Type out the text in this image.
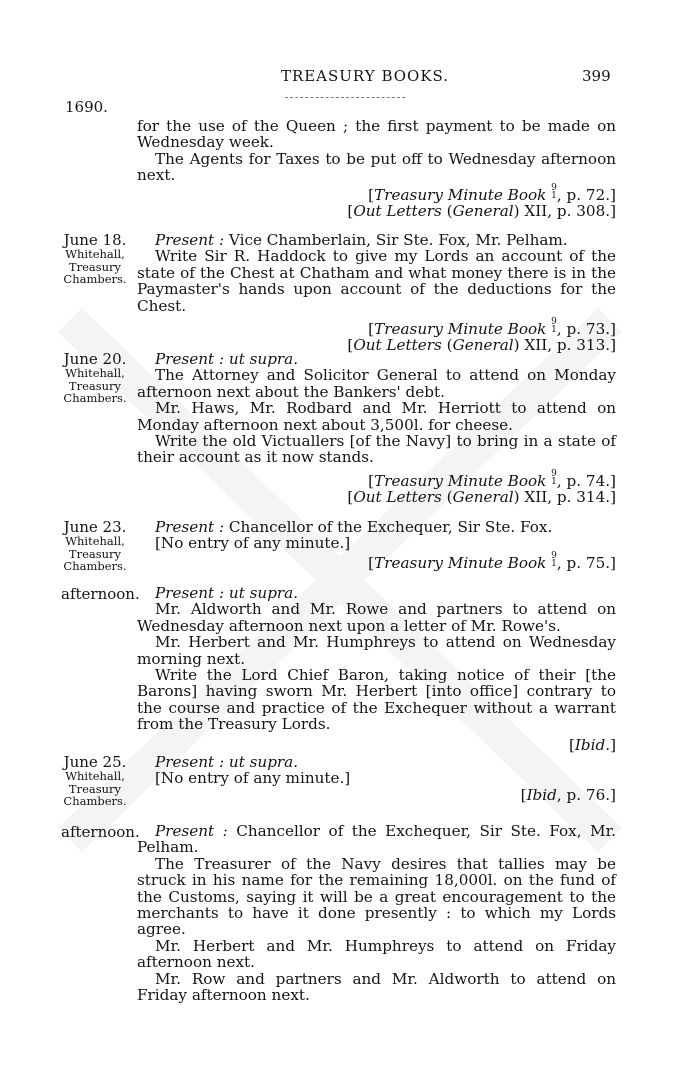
TREASURY BOOKS.	399
1690.

for the use of the Queen ; the first payment to be made on Wednesday week.

The Agents for Taxes to be put off to Wednesday afternoon next.

[Treasury Minute Book 9
1, p. 72.]

[Out Letters (General) XII, p. 308.]

June 18.
Whitehall,
Treasury
Chambers.

Present : Vice Chamberlain, Sir Ste. Fox, Mr. Pelham.

Write Sir R. Haddock to give my Lords an account of the state of the Chest at Chatham and what money there is in the Paymaster's hands upon account of the deductions for the Chest.

[Treasury Minute Book 9
1, p. 73.]

[Out Letters (General) XII, p. 313.]

June 20.
Whitehall,
Treasury
Chambers.

Present : ut supra.

The Attorney and Solicitor General to attend on Monday afternoon next about the Bankers' debt.

Mr. Haws, Mr. Rodbard and Mr. Herriott to attend on Monday afternoon next about 3,500l. for cheese.

Write the old Victuallers [of the Navy] to bring in a state of their account as it now stands.

[Treasury Minute Book 9
1, p. 74.]

[Out Letters (General) XII, p. 314.]

June 23.
Whitehall,
Treasury
Chambers.

Present : Chancellor of the Exchequer, Sir Ste. Fox.

[No entry of any minute.]

[Treasury Minute Book 9
1, p. 75.]

afternoon.	Present : ut supra.

Mr. Aldworth and Mr. Rowe and partners to attend on Wednesday afternoon next upon a letter of Mr. Rowe's.

Mr. Herbert and Mr. Humphreys to attend on Wednesday morning next.

Write the Lord Chief Baron, taking notice of their [the Barons] having sworn Mr. Herbert [into office] contrary to the course and practice of the Exchequer without a warrant from the Treasury Lords.

[Ibid.]

June 25.
Whitehall,
Treasury
Chambers.

Present : ut supra.

[No entry of any minute.]

[Ibid, p. 76.]

afternoon.	Present : Chancellor of the Exchequer, Sir Ste. Fox, Mr. Pelham.

The Treasurer of the Navy desires that tallies may be struck in his name for the remaining 18,000l. on the fund of the Customs, saying it will be a great encouragement to the merchants to have it done presently : to which my Lords agree.

Mr. Herbert and Mr. Humphreys to attend on Friday afternoon next.

Mr. Row and partners and Mr. Aldworth to attend on Friday afternoon next.
